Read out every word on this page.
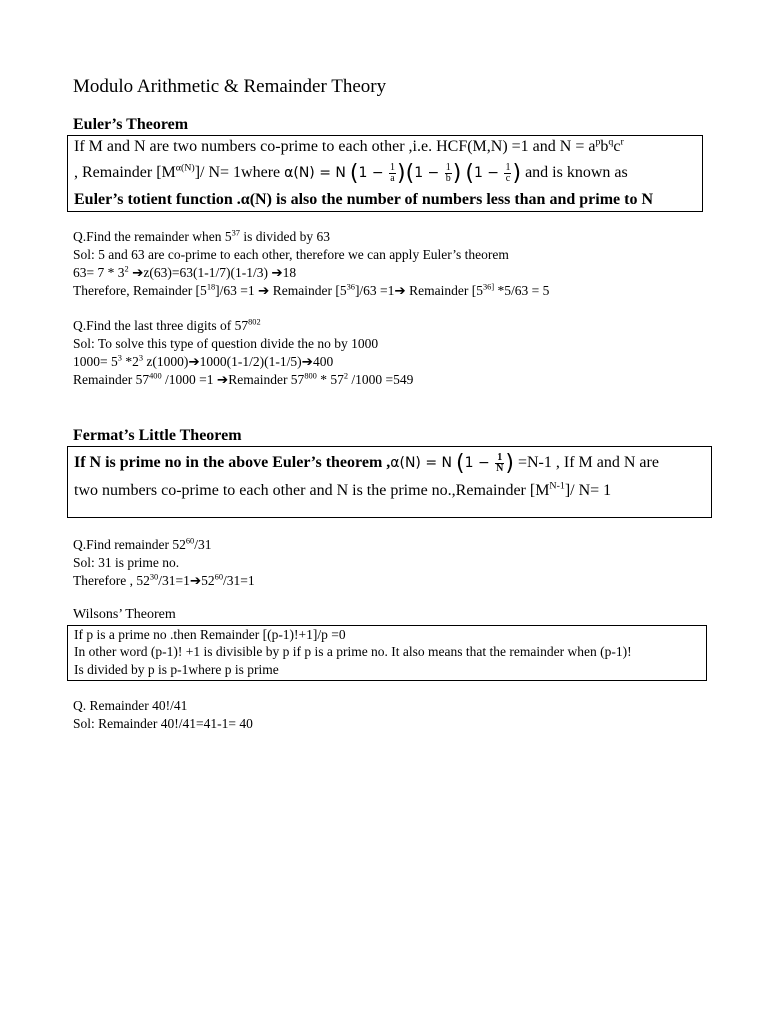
Modulo Arithmetic & Remainder Theory
Euler’s Theorem
If M and N are two numbers co-prime to each other ,i.e. HCF(M,N) =1 and $N = a^pb^qc^r$
, Remainder $[M^{\alpha(N)}]/$ N= 1where α(N) = N $(1 - \frac{1}{a} )(1 - \frac{1}{b}$ ) ($1 - \frac{1}{c}$ ) and is known as
Euler’s totient function .α(N) is also the number of numbers less than and prime to N
Q.Find the remainder when $5^{37}$ is divided by 63
Sol: 5 and 63 are co-prime to each other, therefore we can apply Euler’s theorem
$63= 7 * 3^2$ ➔z(63)=63(1-1/7)(1-1/3) ➔18
Therefore, Remainder $[5^{18}]/63 =1$ ➔ Remainder $[5^{36}]/63$ =1➔ Remainder [$5^{36]}$ *5/63 = 5
Q.Find the last three digits of $57^{802}$
Sol: To solve this type of question divide the no by 1000
$1000= 5^3$ $*2^3$ z(1000)➔1000(1-1/2)(1-1/5)➔400
Remainder $57^{400}$ /1000 =1 ➔Remainder $57^{800} * 57^2$ /1000 =549
Fermat’s Little Theorem
If N is prime no in the above Euler’s theorem ,α(N) = N ($1 - \frac{1}{N}$ ) =N-1 , If M and N are
two numbers co-prime to each other and N is the prime no.,Remainder $[M^{N-1}]/$ N= 1
Q.Find remainder $52^{60}/31$
Sol: 31 is prime no.
Therefore , $52^{30}/31=1➔52^{60}/31=1$
Wilsons’ Theorem
If p is a prime no .then Remainder [(p-1)!+1]/p =0
In other word (p-1)! +1 is divisible by p if p is a prime no. It also means that the remainder when (p-1)!
Is divided by p is p-1where p is prime
Q. Remainder 40!/41
Sol: Remainder 40!/41=41-1= 40
